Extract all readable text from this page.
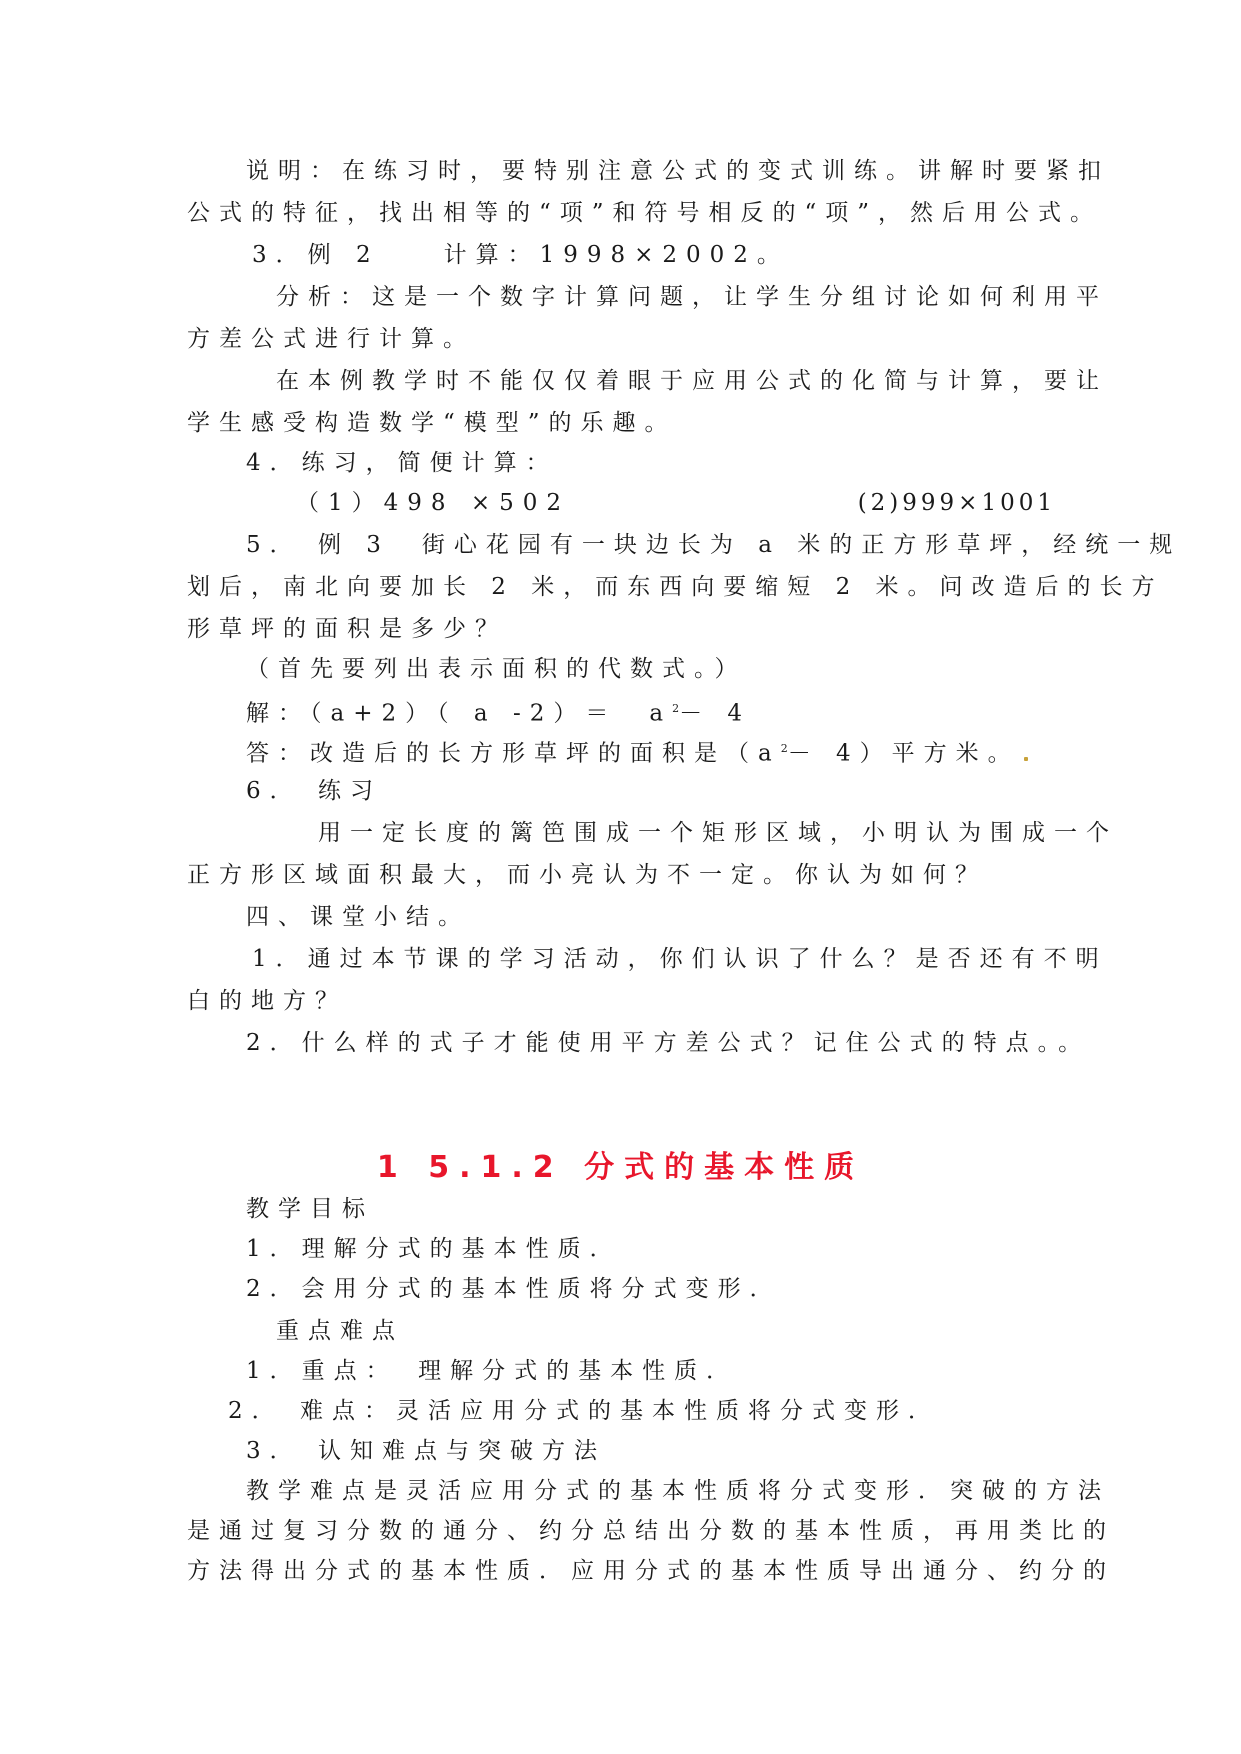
说明：在练习时，要特别注意公式的变式训练。讲解时要紧扣
公式的特征，找出相等的“项”和符号相反的“项”，然后用公式。
3．例 2　　计算：1998×2002。
分析：这是一个数字计算问题，让学生分组讨论如何利用平
方差公式进行计算。
在本例教学时不能仅仅着眼于应用公式的化简与计算，要让
学生感受构造数学“模型”的乐趣。
4．练习，简便计算：
（1）498 ×502	(2)999×1001
5． 例 3　街心花园有一块边长为 a 米的正方形草坪，经统一规
划后，南北向要加长 2 米，而东西向要缩短 2 米。问改造后的长方
形草坪的面积是多少？
（首先要列出表示面积的代数式。）
解：（a+2）（ a -2）＝　$a^2- 4$
答：改造后的长方形草坪的面积是$(a^2- 4)$平方米。
6． 练习
用一定长度的篱笆围成一个矩形区域，小明认为围成一个
正方形区域面积最大，而小亮认为不一定。你认为如何？
四、课堂小结。
1．通过本节课的学习活动，你们认识了什么？是否还有不明
白的地方？
2．什么样的式子才能使用平方差公式？记住公式的特点。。
1 5.1.2 分式的基本性质
教学目标
1．理解分式的基本性质．
2．会用分式的基本性质将分式变形．
重点难点
1．重点：　理解分式的基本性质．
2． 难点：灵活应用分式的基本性质将分式变形．
3． 认知难点与突破方法
教学难点是灵活应用分式的基本性质将分式变形．突破的方法
是通过复习分数的通分、约分总结出分数的基本性质，再用类比的
方法得出分式的基本性质．应用分式的基本性质导出通分、约分的
